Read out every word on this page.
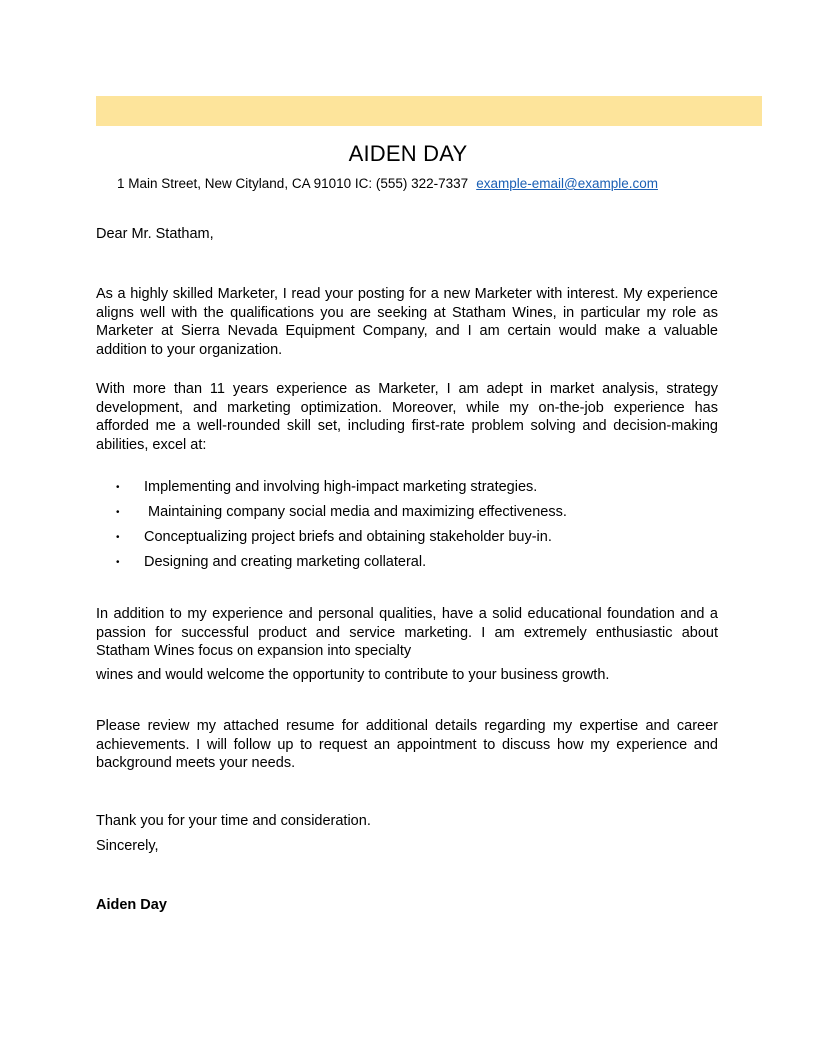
AIDEN DAY
1 Main Street, New Cityland, CA 91010 IC: (555) 322-7337 example-email@example.com
Dear Mr. Statham,

As a highly skilled Marketer, I read your posting for a new Marketer with interest. My experience aligns well with the qualifications you are seeking at Statham Wines, in particular my role as Marketer at Sierra Nevada Equipment Company, and I am certain would make a valuable addition to your organization.

With more than 11 years experience as Marketer, I am adept in market analysis, strategy development, and marketing optimization. Moreover, while my on-the-job experience has afforded me a well-rounded skill set, including first-rate problem solving and decision-making abilities, excel at:

• Implementing and involving high-impact marketing strategies.
• Maintaining company social media and maximizing effectiveness.
• Conceptualizing project briefs and obtaining stakeholder buy-in.
• Designing and creating marketing collateral.

In addition to my experience and personal qualities, have a solid educational foundation and a passion for successful product and service marketing. I am extremely enthusiastic about Statham Wines focus on expansion into specialty

wines and would welcome the opportunity to contribute to your business growth.

Please review my attached resume for additional details regarding my expertise and career achievements. I will follow up to request an appointment to discuss how my experience and background meets your needs.

Thank you for your time and consideration.
Sincerely,
Aiden Day
